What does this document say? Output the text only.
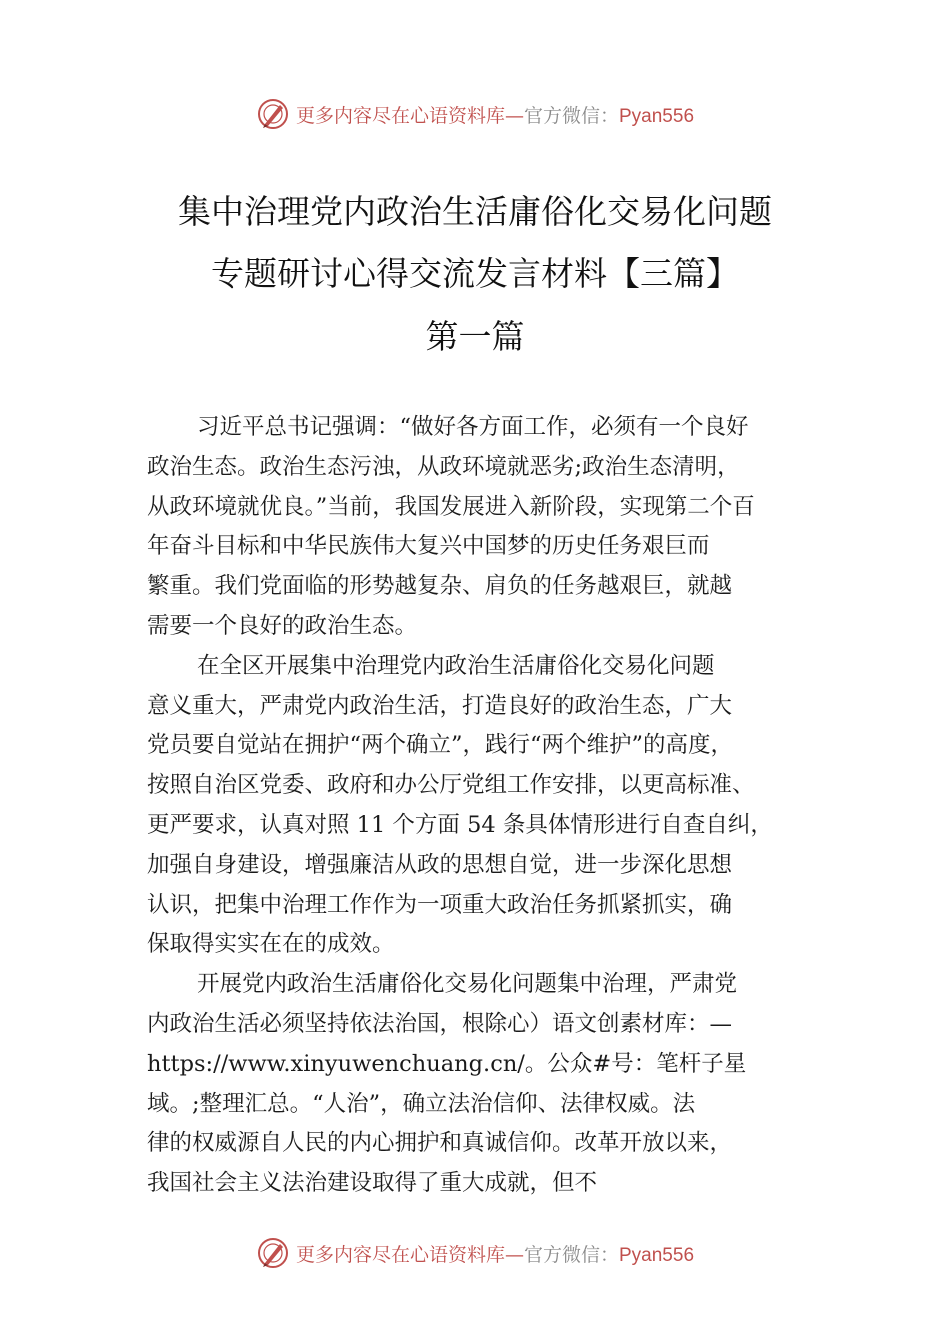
更多内容尽在心语资料库—官方微信：Pyan556
集中治理党内政治生活庸俗化交易化问题
专题研讨心得交流发言材料【三篇】
第一篇
习近平总书记强调：“做好各方面工作，必须有一个良好
政治生态。政治生态污浊，从政环境就恶劣;政治生态清明，
从政环境就优良。”当前，我国发展进入新阶段，实现第二个百
年奋斗目标和中华民族伟大复兴中国梦的历史任务艰巨而
繁重。我们党面临的形势越复杂、肩负的任务越艰巨，就越
需要一个良好的政治生态。
在全区开展集中治理党内政治生活庸俗化交易化问题
意义重大，严肃党内政治生活，打造良好的政治生态，广大
党员要自觉站在拥护“两个确立”，践行“两个维护”的高度，
按照自治区党委、政府和办公厅党组工作安排，以更高标准、
更严要求，认真对照 11 个方面 54 条具体情形进行自查自纠，
加强自身建设，增强廉洁从政的思想自觉，进一步深化思想
认识，把集中治理工作作为一项重大政治任务抓紧抓实，确
保取得实实在在的成效。
开展党内政治生活庸俗化交易化问题集中治理，严肃党
内政治生活必须坚持依法治国，根除心）语文创素材库：—
https://www.xinyuwenchuang.cn/。公众#号：笔杆子星
域。;整理汇总。“人治”，确立法治信仰、法律权威。法
律的权威源自人民的内心拥护和真诚信仰。改革开放以来，
我国社会主义法治建设取得了重大成就，但不
更多内容尽在心语资料库—官方微信：Pyan556
